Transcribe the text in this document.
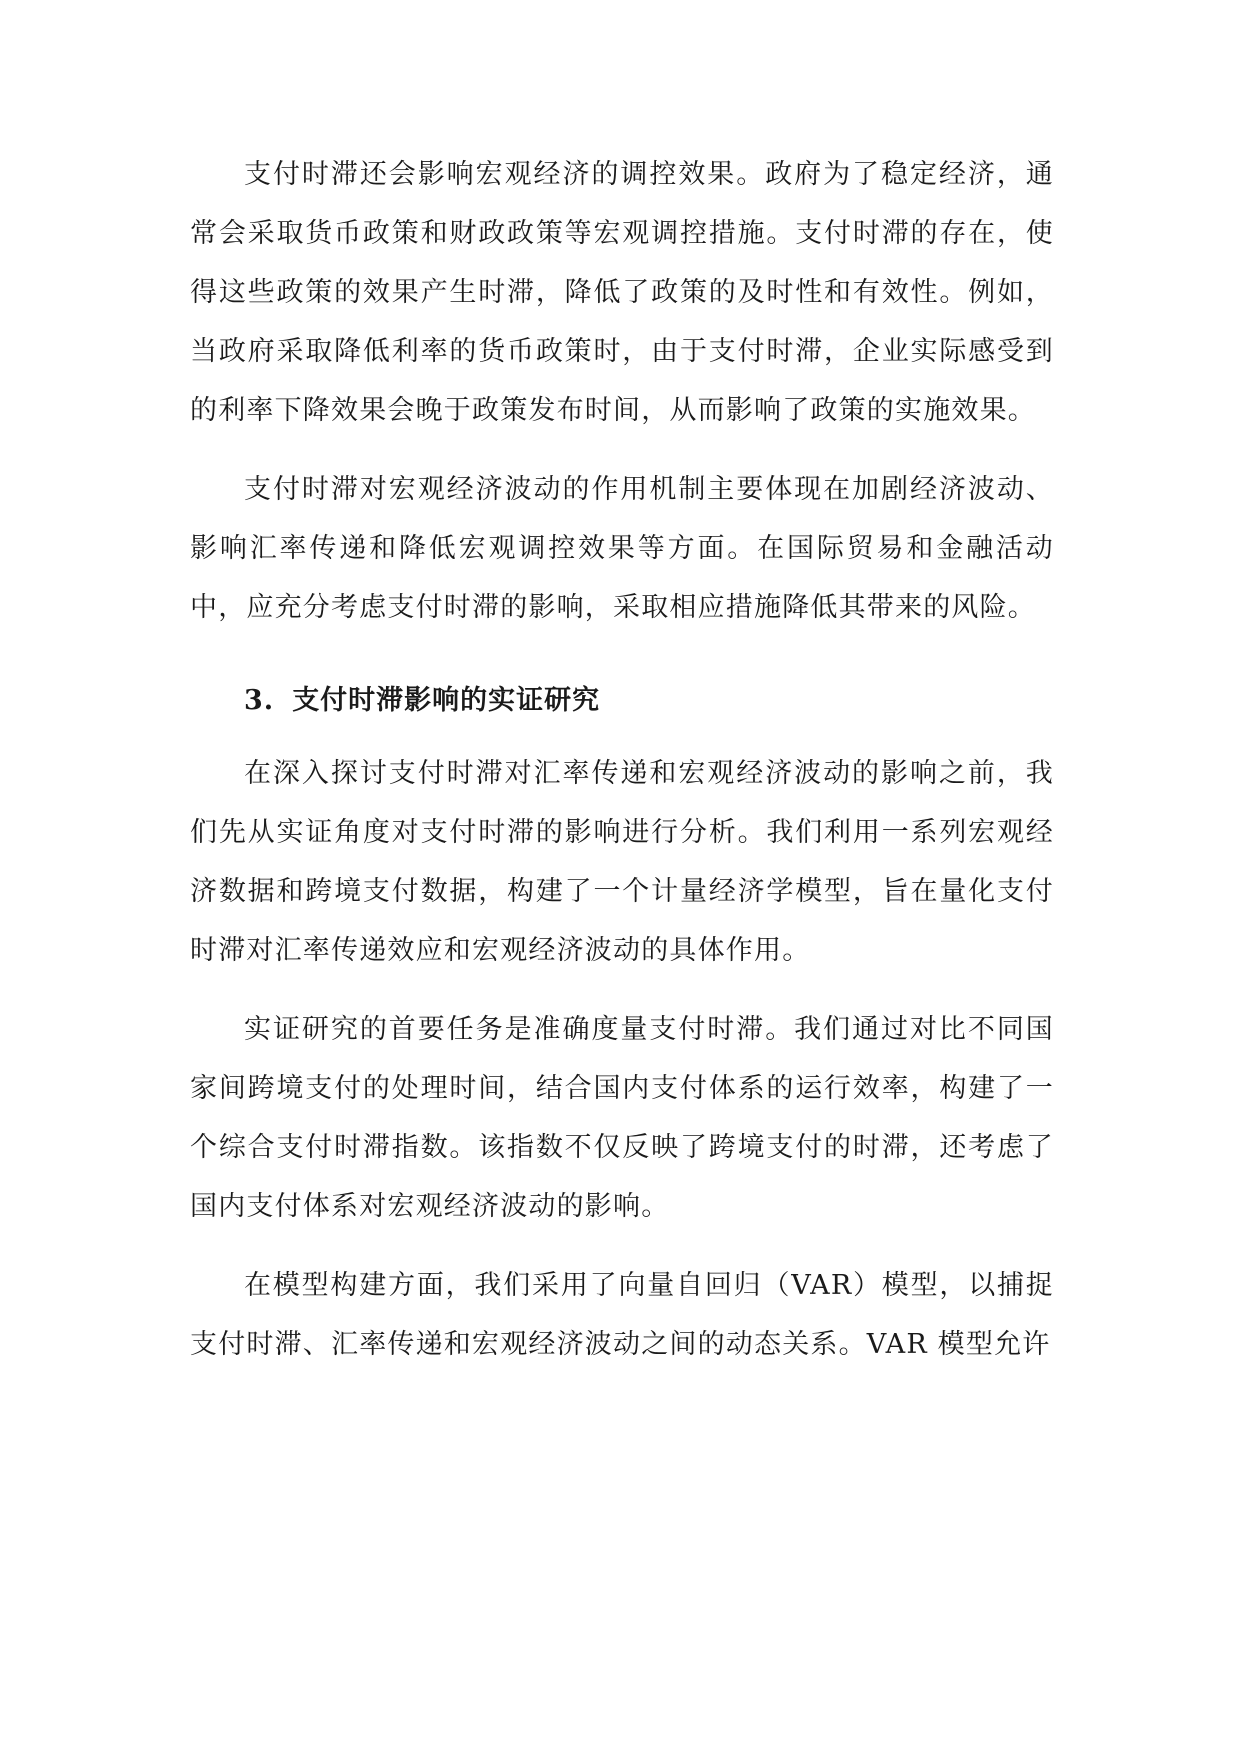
支付时滞还会影响宏观经济的调控效果。政府为了稳定经济，通常会采取货币政策和财政政策等宏观调控措施。支付时滞的存在，使得这些政策的效果产生时滞，降低了政策的及时性和有效性。例如，当政府采取降低利率的货币政策时，由于支付时滞，企业实际感受到的利率下降效果会晚于政策发布时间，从而影响了政策的实施效果。

支付时滞对宏观经济波动的作用机制主要体现在加剧经济波动、影响汇率传递和降低宏观调控效果等方面。在国际贸易和金融活动中，应充分考虑支付时滞的影响，采取相应措施降低其带来的风险。

3. 支付时滞影响的实证研究

在深入探讨支付时滞对汇率传递和宏观经济波动的影响之前，我们先从实证角度对支付时滞的影响进行分析。我们利用一系列宏观经济数据和跨境支付数据，构建了一个计量经济学模型，旨在量化支付时滞对汇率传递效应和宏观经济波动的具体作用。

实证研究的首要任务是准确度量支付时滞。我们通过对比不同国家间跨境支付的处理时间，结合国内支付体系的运行效率，构建了一个综合支付时滞指数。该指数不仅反映了跨境支付的时滞，还考虑了国内支付体系对宏观经济波动的影响。

在模型构建方面，我们采用了向量自回归（VAR）模型，以捕捉支付时滞、汇率传递和宏观经济波动之间的动态关系。VAR 模型允许
